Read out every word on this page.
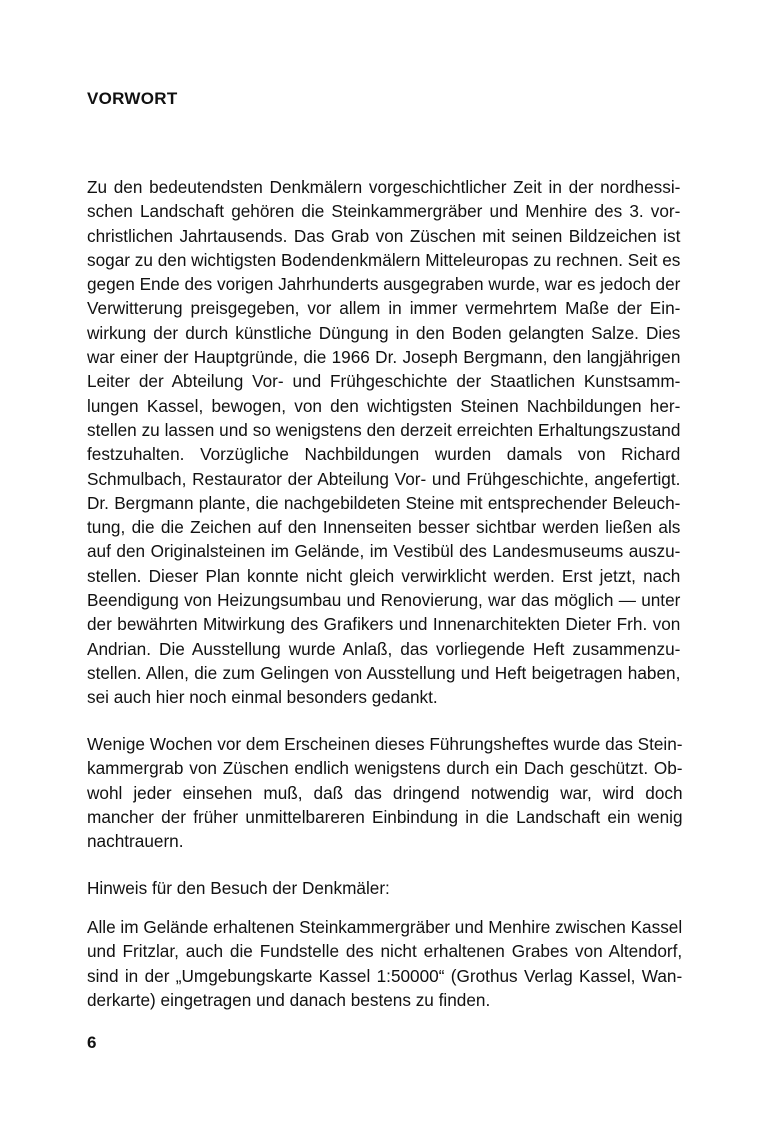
VORWORT

Zu den bedeutendsten Denkmälern vorgeschichtlicher Zeit in der nordhessi-
schen Landschaft gehören die Steinkammergräber und Menhire des 3. vor-
christlichen Jahrtausends. Das Grab von Züschen mit seinen Bildzeichen ist
sogar zu den wichtigsten Bodendenkmälern Mitteleuropas zu rechnen. Seit es
gegen Ende des vorigen Jahrhunderts ausgegraben wurde, war es jedoch der
Verwitterung preisgegeben, vor allem in immer vermehrtem Maße der Ein-
wirkung der durch künstliche Düngung in den Boden gelangten Salze. Dies
war einer der Hauptgründe, die 1966 Dr. Joseph Bergmann, den langjährigen
Leiter der Abteilung Vor- und Frühgeschichte der Staatlichen Kunstsamm-
lungen Kassel, bewogen, von den wichtigsten Steinen Nachbildungen her-
stellen zu lassen und so wenigstens den derzeit erreichten Erhaltungszustand
festzuhalten. Vorzügliche Nachbildungen wurden damals von Richard
Schmulbach, Restaurator der Abteilung Vor- und Frühgeschichte, angefertigt.
Dr. Bergmann plante, die nachgebildeten Steine mit entsprechender Beleuch-
tung, die die Zeichen auf den Innenseiten besser sichtbar werden ließen als
auf den Originalsteinen im Gelände, im Vestibül des Landesmuseums auszu-
stellen. Dieser Plan konnte nicht gleich verwirklicht werden. Erst jetzt, nach
Beendigung von Heizungsumbau und Renovierung, war das möglich — unter
der bewährten Mitwirkung des Grafikers und Innenarchitekten Dieter Frh. von
Andrian. Die Ausstellung wurde Anlaß, das vorliegende Heft zusammenzu-
stellen. Allen, die zum Gelingen von Ausstellung und Heft beigetragen haben,
sei auch hier noch einmal besonders gedankt.

Wenige Wochen vor dem Erscheinen dieses Führungsheftes wurde das Stein-
kammergrab von Züschen endlich wenigstens durch ein Dach geschützt. Ob-
wohl jeder einsehen muß, daß das dringend notwendig war, wird doch
mancher der früher unmittelbareren Einbindung in die Landschaft ein wenig
nachtrauern.

Hinweis für den Besuch der Denkmäler:

Alle im Gelände erhaltenen Steinkammergräber und Menhire zwischen Kassel
und Fritzlar, auch die Fundstelle des nicht erhaltenen Grabes von Altendorf,
sind in der „Umgebungskarte Kassel 1:50000“ (Grothus Verlag Kassel, Wan-
derkarte) eingetragen und danach bestens zu finden.

6
